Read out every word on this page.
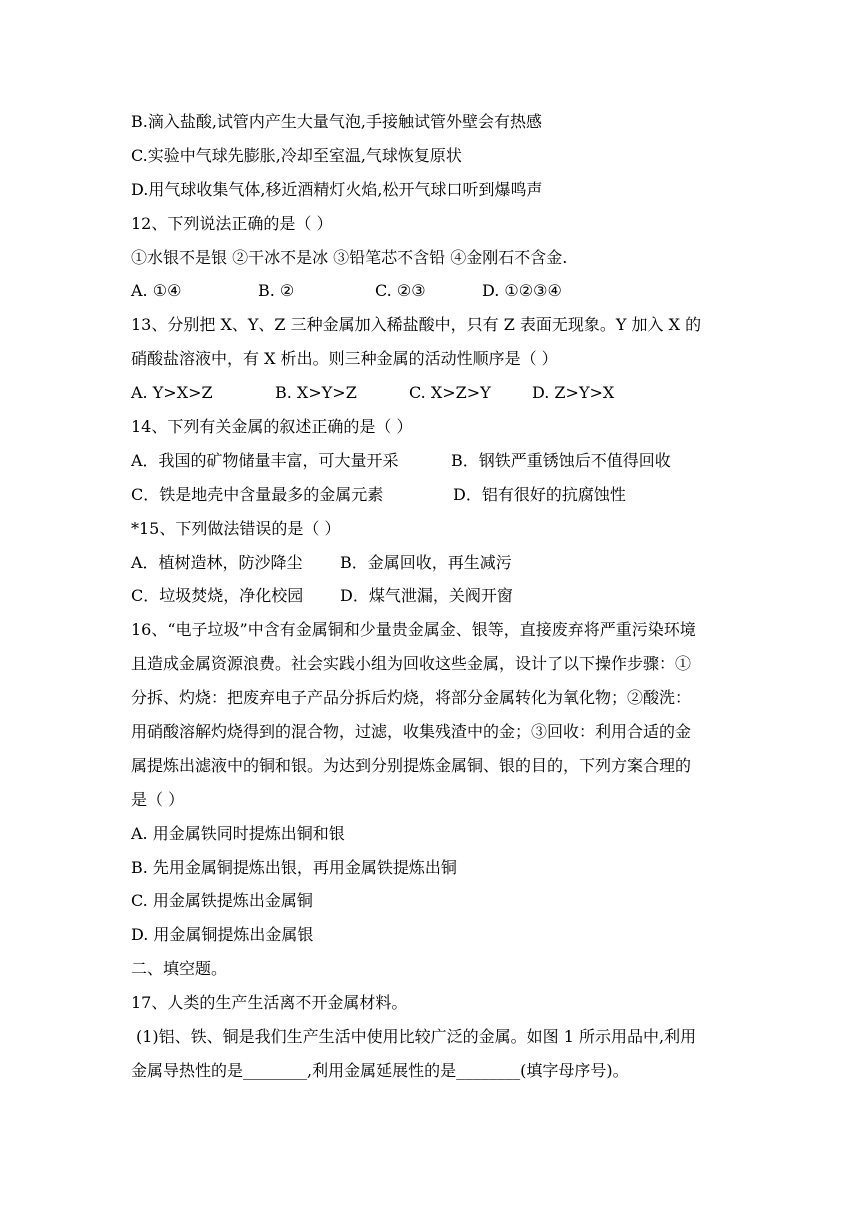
B.滴入盐酸,试管内产生大量气泡,手接触试管外壁会有热感

C.实验中气球先膨胀,冷却至室温,气球恢复原状

D.用气球收集气体,移近酒精灯火焰,松开气球口听到爆鸣声

12、下列说法正确的是（ ）

①水银不是银 ②干冰不是冰 ③铅笔芯不含铅 ④金刚石不含金.

A. ①④	B. ②	C. ②③	D. ①②③④

13、分别把 X、Y、Z 三种金属加入稀盐酸中，只有 Z 表面无现象。Y 加入 X 的

硝酸盐溶液中，有 X 析出。则三种金属的活动性顺序是（ ）

A. Y>X>Z	B. X>Y>Z	C. X>Z>Y	D. Z>Y>X

14、下列有关金属的叙述正确的是（ ）

A．我国的矿物储量丰富，可大量开采	B．钢铁严重锈蚀后不值得回收
C．铁是地壳中含量最多的金属元素	D．铝有很好的抗腐蚀性

*15、下列做法错误的是（ ）

A．植树造林，防沙降尘	B．金属回收，再生减污
C．垃圾焚烧，净化校园	D．煤气泄漏，关阀开窗

16、“电子垃圾”中含有金属铜和少量贵金属金、银等，直接废弃将严重污染环境

且造成金属资源浪费。社会实践小组为回收这些金属，设计了以下操作步骤：①

分拆、灼烧：把废弃电子产品分拆后灼烧，将部分金属转化为氧化物；②酸洗：

用硝酸溶解灼烧得到的混合物，过滤，收集残渣中的金；③回收：利用合适的金

属提炼出滤液中的铜和银。为达到分别提炼金属铜、银的目的，下列方案合理的

是（ ）

A. 用金属铁同时提炼出铜和银

B. 先用金属铜提炼出银，再用金属铁提炼出铜

C. 用金属铁提炼出金属铜

D. 用金属铜提炼出金属银

二、填空题。

17、人类的生产生活离不开金属材料。

(1)铝、铁、铜是我们生产生活中使用比较广泛的金属。如图 1 所示用品中,利用

金属导热性的是________,利用金属延展性的是________(填字母序号)。
